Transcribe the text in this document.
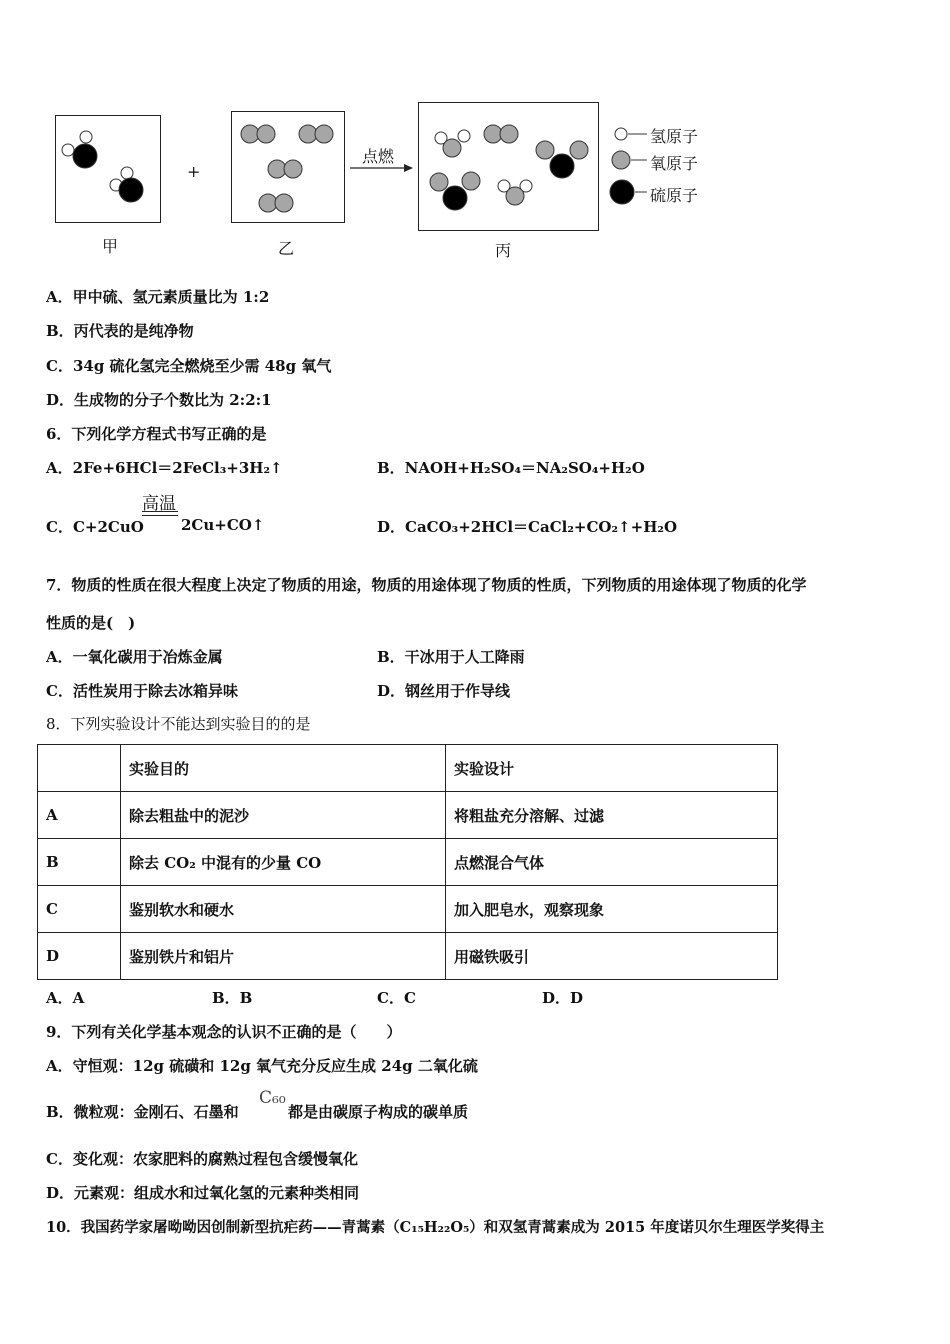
+
点燃
甲	乙	丙
氢原子
氧原子
硫原子
A．甲中硫、氢元素质量比为 1:2
B．丙代表的是纯净物
C．34g 硫化氢完全燃烧至少需 48g 氧气
D．生成物的分子个数比为 2:2:1
6．下列化学方程式书写正确的是
A．2Fe+6HCl＝2FeCl₃+3H₂↑	B．NAOH+H₂SO₄＝NA₂SO₄+H₂O
C．C+2CuO
高温
2Cu+CO↑	D．CaCO₃+2HCl＝CaCl₂+CO₂↑+H₂O
7．物质的性质在很大程度上决定了物质的用途，物质的用途体现了物质的性质，下列物质的用途体现了物质的化学
性质的是(　)
A．一氧化碳用于冶炼金属	B．干冰用于人工降雨
C．活性炭用于除去冰箱异味	D．钢丝用于作导线
8．下列实验设计不能达到实验目的的是
	实验目的	实验设计
A	除去粗盐中的泥沙	将粗盐充分溶解、过滤
B	除去 CO₂ 中混有的少量 CO	点燃混合气体
C	鉴别软水和硬水	加入肥皂水，观察现象
D	鉴别铁片和铝片	用磁铁吸引
A．A	B．B	C．C	D．D
9．下列有关化学基本观念的认识不正确的是（　　）
A．守恒观：12g 硫磺和 12g 氧气充分反应生成 24g 二氧化硫
B．微粒观：金刚石、石墨和
C₆₀
都是由碳原子构成的碳单质
C．变化观：农家肥料的腐熟过程包含缓慢氧化
D．元素观：组成水和过氧化氢的元素种类相同
10．我国药学家屠呦呦因创制新型抗疟药——青蒿素（C₁₅H₂₂O₅）和双氢青蒿素成为 2015 年度诺贝尔生理医学奖得主
